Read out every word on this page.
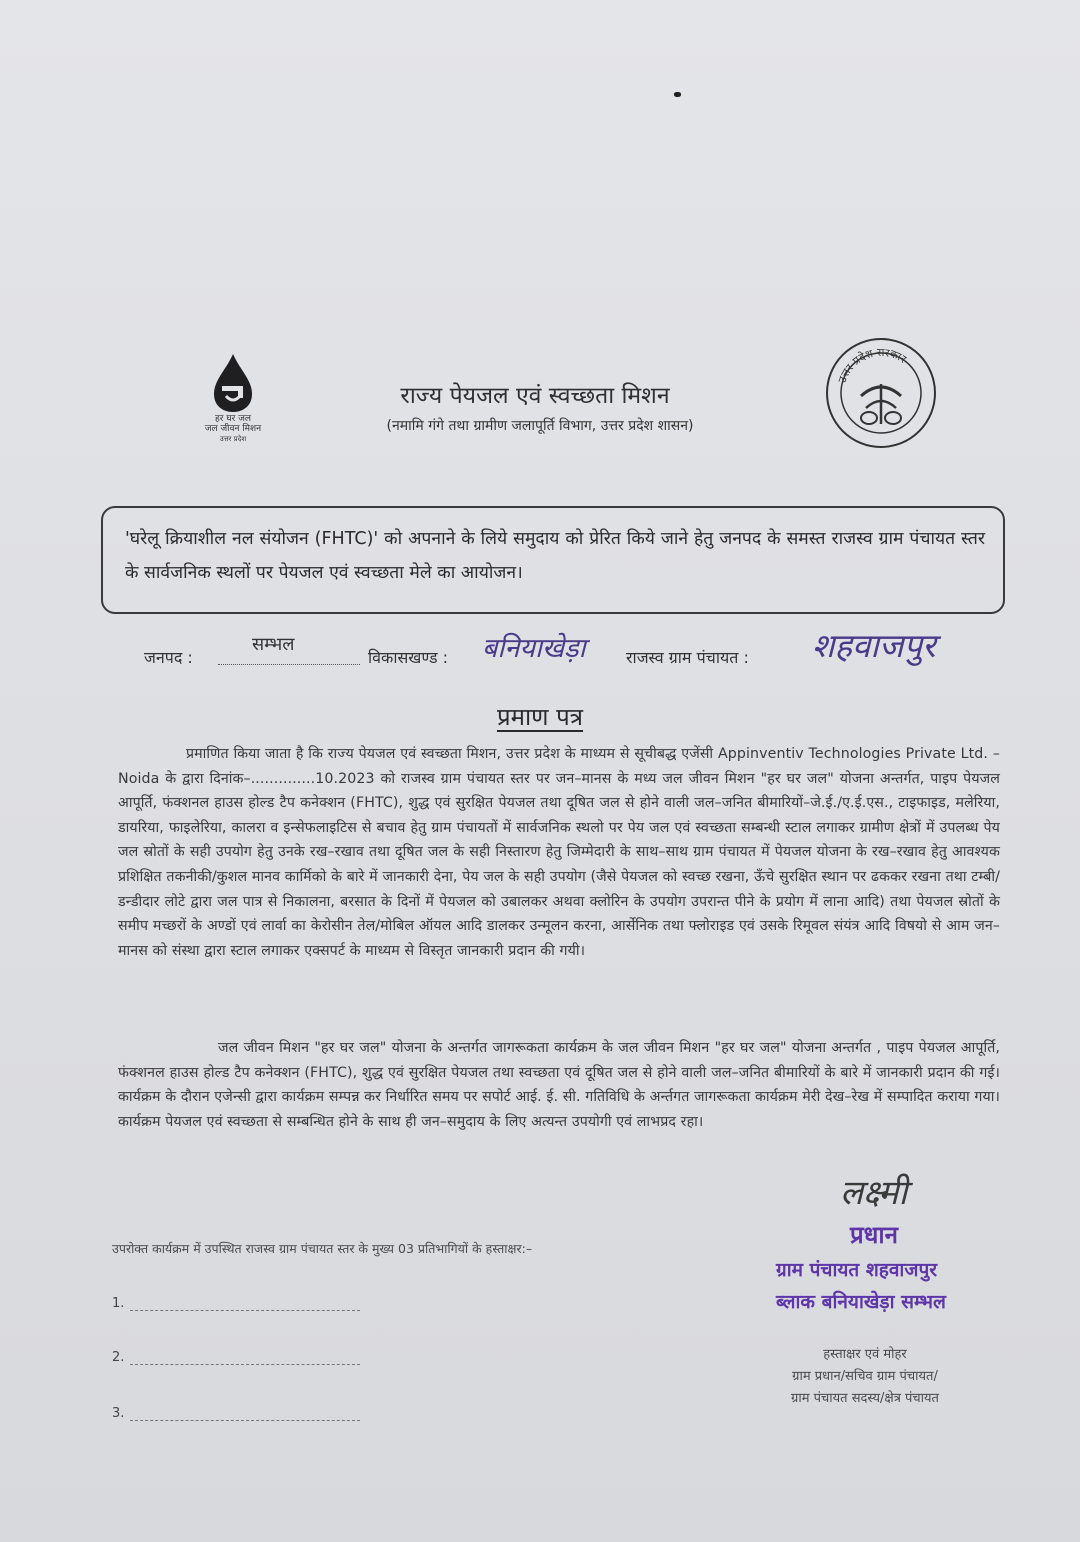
हर घर जल
जल जीवन मिशन
उत्तर प्रदेश
राज्य पेयजल एवं स्वच्छता मिशन
(नमामि गंगे तथा ग्रामीण जलापूर्ति विभाग, उत्तर प्रदेश शासन)
उत्तर प्रदेश सरकार
'घरेलू क्रियाशील नल संयोजन (FHTC)' को अपनाने के लिये समुदाय को प्रेरित किये जाने हेतु जनपद के समस्त राजस्व ग्राम पंचायत स्तर के सार्वजनिक स्थलों पर पेयजल एवं स्वच्छता मेले का आयोजन।
जनपद :
सम्भल
विकासखण्ड : बनियाखेड़ा	राजस्व ग्राम पंचायत : शहवाजपुर
प्रमाण पत्र
प्रमाणित किया जाता है कि राज्य पेयजल एवं स्वच्छता मिशन, उत्तर प्रदेश के माध्यम से सूचीबद्ध एजेंसी Appinventiv Technologies Private Ltd. – Noida के द्वारा दिनांक–..............10.2023 को राजस्व ग्राम पंचायत स्तर पर जन–मानस के मध्य जल जीवन मिशन "हर घर जल" योजना अन्तर्गत, पाइप पेयजल आपूर्ति, फंक्शनल हाउस होल्ड टैप कनेक्शन (FHTC), शुद्ध एवं सुरक्षित पेयजल तथा दूषित जल से होने वाली जल–जनित बीमारियों–जे.ई./ए.ई.एस., टाइफाइड, मलेरिया, डायरिया, फाइलेरिया, कालरा व इन्सेफलाइटिस से बचाव हेतु ग्राम पंचायतों में सार्वजनिक स्थलो पर पेय जल एवं स्वच्छता सम्बन्धी स्टाल लगाकर ग्रामीण क्षेत्रों में उपलब्ध पेय जल स्रोतों के सही उपयोग हेतु उनके रख–रखाव तथा दूषित जल के सही निस्तारण हेतु जिम्मेदारी के साथ–साथ ग्राम पंचायत में पेयजल योजना के रख–रखाव हेतु आवश्यक प्रशिक्षित तकनीकी/कुशल मानव कार्मिको के बारे में जानकारी देना, पेय जल के सही उपयोग (जैसे पेयजल को स्वच्छ रखना, ऊँचे सुरक्षित स्थान पर ढककर रखना तथा टम्बी/डन्डीदार लोटे द्वारा जल पात्र से निकालना, बरसात के दिनों में पेयजल को उबालकर अथवा क्लोरिन के उपयोग उपरान्त पीने के प्रयोग में लाना आदि) तथा पेयजल स्रोतों के समीप मच्छरों के अण्डों एवं लार्वा का केरोसीन तेल/मोबिल ऑयल आदि डालकर उन्मूलन करना, आर्सेनिक तथा फ्लोराइड एवं उसके रिमूवल संयंत्र आदि विषयो से आम जन–मानस को संस्था द्वारा स्टाल लगाकर एक्सपर्ट के माध्यम से विस्तृत जानकारी प्रदान की गयी।
जल जीवन मिशन "हर घर जल" योजना के अन्तर्गत जागरूकता कार्यक्रम के जल जीवन मिशन "हर घर जल" योजना अन्तर्गत , पाइप पेयजल आपूर्ति, फंक्शनल हाउस होल्ड टैप कनेक्शन (FHTC), शुद्ध एवं सुरक्षित पेयजल तथा स्वच्छता एवं दूषित जल से होने वाली जल–जनित बीमारियों के बारे में जानकारी प्रदान की गई। कार्यक्रम के दौरान एजेन्सी द्वारा कार्यक्रम सम्पन्न कर निर्धारित समय पर सपोर्ट आई. ई. सी. गतिविधि के अर्न्तगत जागरूकता कार्यक्रम मेरी देख–रेख में सम्पादित कराया गया। कार्यक्रम पेयजल एवं स्वच्छता से सम्बन्धित होने के साथ ही जन–समुदाय के लिए अत्यन्त उपयोगी एवं लाभप्रद रहा।
लक्ष्मी
प्रधान
ग्राम पंचायत शहवाजपुर
ब्लाक बनियाखेड़ा सम्भल
उपरोक्त कार्यक्रम में उपस्थित राजस्व ग्राम पंचायत स्तर के मुख्य 03 प्रतिभागियों के हस्ताक्षर:–
1.
2.
3.
हस्ताक्षर एवं मोहर
ग्राम प्रधान/सचिव ग्राम पंचायत/
ग्राम पंचायत सदस्य/क्षेत्र पंचायत
